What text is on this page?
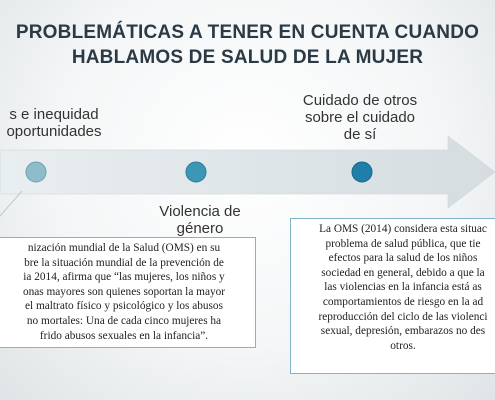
PROBLEMÁTICAS A TENER EN CUENTA CUANDO
HABLAMOS DE SALUD DE LA MUJER
s e inequidad
oportunidades
Cuidado de otros
sobre el cuidado
de sí
Violencia de
género
nización mundial de la Salud (OMS) en su
bre la situación mundial de la prevención de
ia 2014, afirma que “las mujeres, los niños y
onas mayores son quienes soportan la mayor
el maltrato físico y psicológico y los abusos
no mortales: Una de cada cinco mujeres ha
frido abusos sexuales en la infancia”.
La OMS (2014) considera esta situac
problema de salud pública, que tie
efectos para la salud de los niños
sociedad en general, debido a que la
las violencias en la infancia está as
comportamientos de riesgo en la ad
reproducción del ciclo de las violenci
sexual, depresión, embarazos no des
otros.
